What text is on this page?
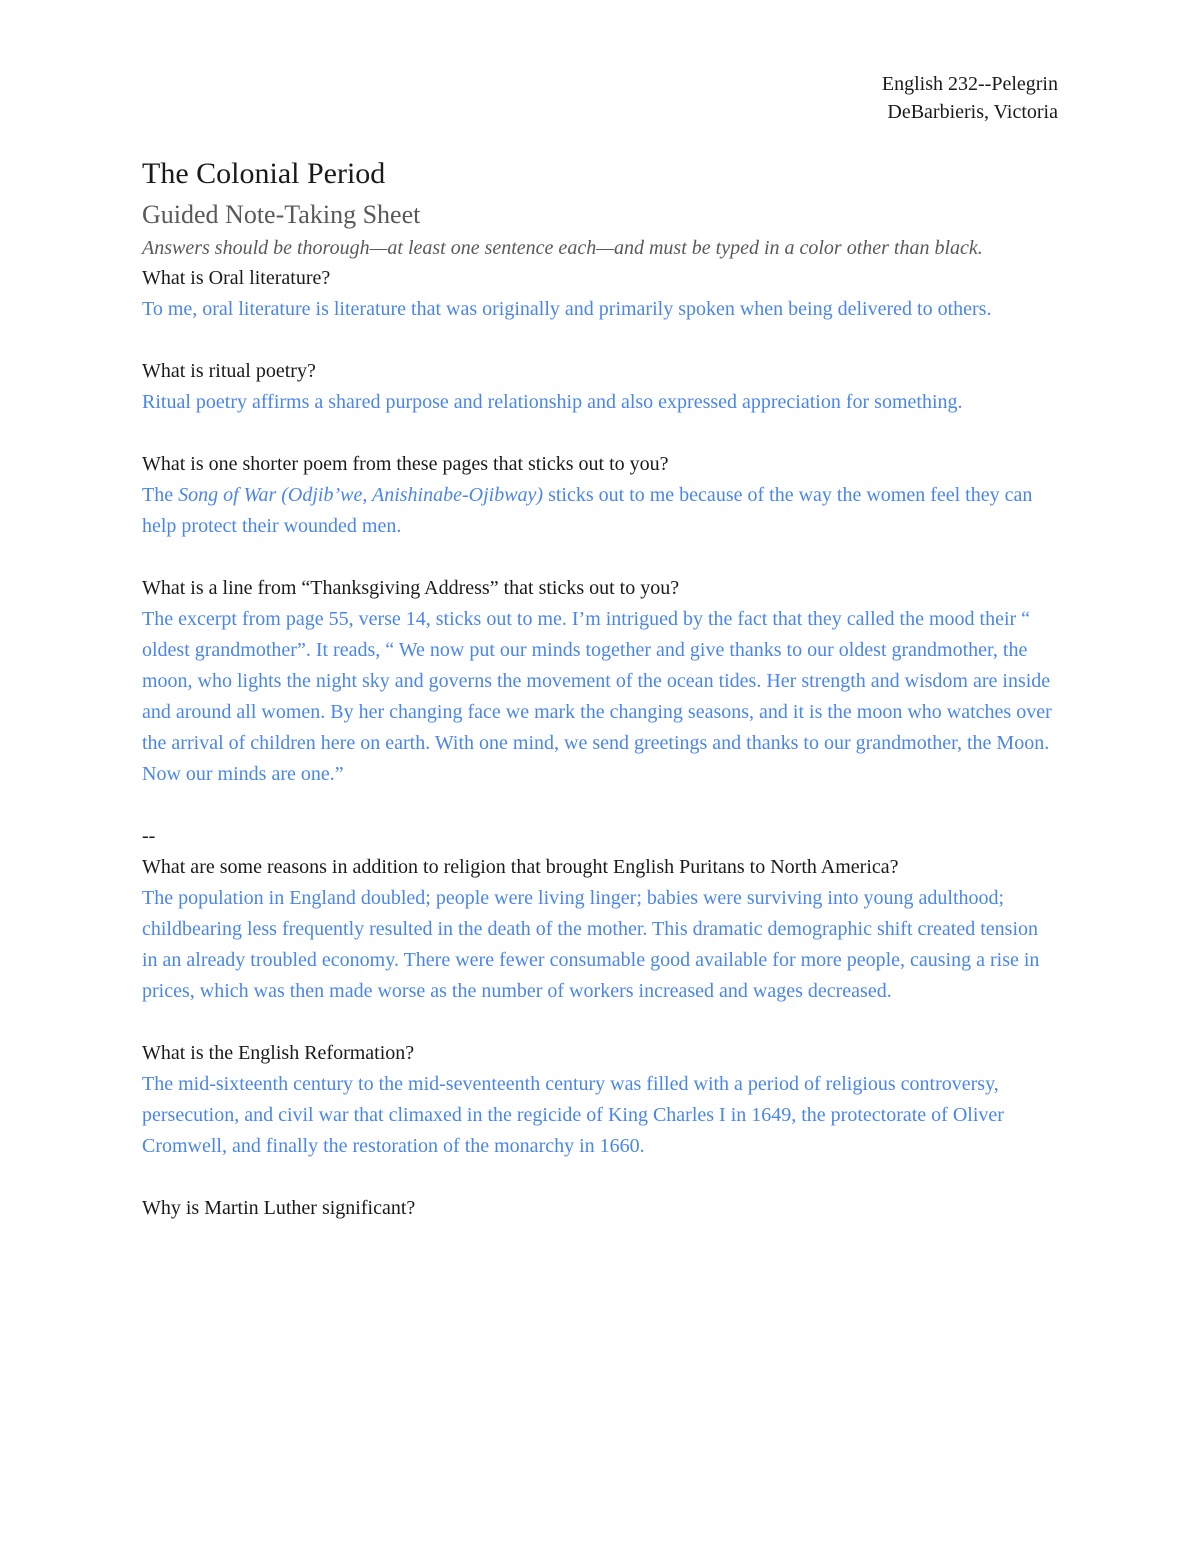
English 232--Pelegrin
DeBarbieris, Victoria
The Colonial Period
Guided Note-Taking Sheet
Answers should be thorough—at least one sentence each—and must be typed in a color other than black.
What is Oral literature?
To me, oral literature is literature that was originally and primarily spoken when being delivered to others.
What is ritual poetry?
Ritual poetry affirms a shared purpose and relationship and also expressed appreciation for something.
What is one shorter poem from these pages that sticks out to you?
The Song of War (Odjib’we, Anishinabe-Ojibway) sticks out to me because of the way the women feel they can help protect their wounded men.
What is a line from “Thanksgiving Address” that sticks out to you?
The excerpt from page 55, verse 14, sticks out to me. I’m intrigued by the fact that they called the mood their “ oldest grandmother”. It reads, “ We now put our minds together and give thanks to our oldest grandmother, the moon, who lights the night sky and governs the movement of the ocean tides. Her strength and wisdom are inside and around all women. By her changing face we mark the changing seasons, and it is the moon who watches over the arrival of children here on earth. With one mind, we send greetings and thanks to our grandmother, the Moon. Now our minds are one.”
--
What are some reasons in addition to religion that brought English Puritans to North America?
The population in England doubled; people were living linger; babies were surviving into young adulthood; childbearing less frequently resulted in the death of the mother. This dramatic demographic shift created tension in an already troubled economy. There were fewer consumable good available for more people, causing a rise in prices, which was then made worse as the number of workers increased and wages decreased.
What is the English Reformation?
The mid-sixteenth century to the mid-seventeenth century was filled with a period of religious controversy, persecution, and civil war that climaxed in the regicide of King Charles I in 1649, the protectorate of Oliver Cromwell, and finally the restoration of the monarchy in 1660.
Why is Martin Luther significant?
